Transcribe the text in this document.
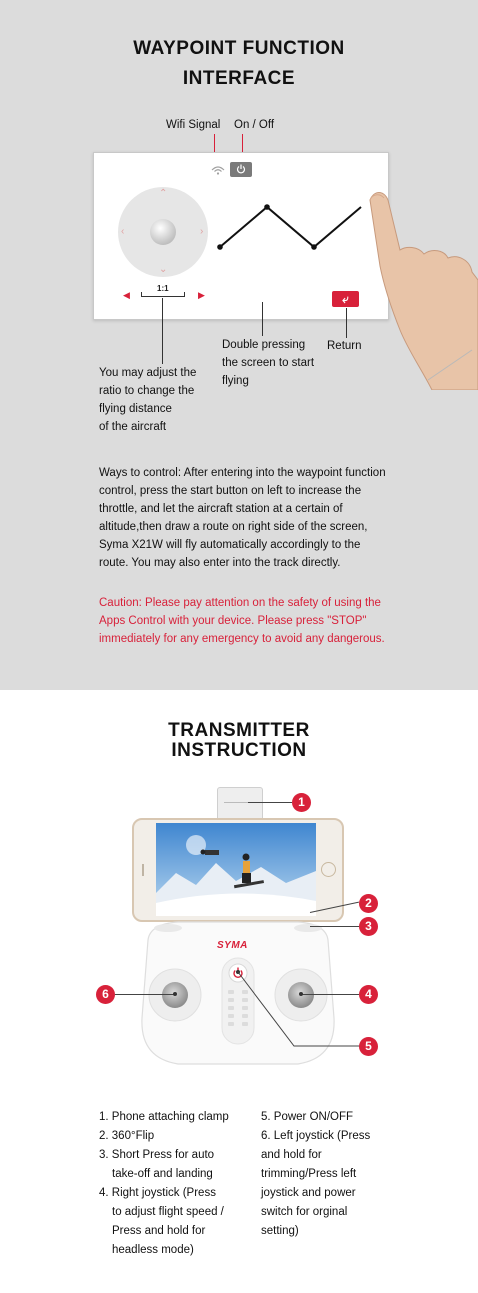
WAYPOINT FUNCTION
INTERFACE
Wifi Signal On / Off
⌃
⌄
‹	›
◀
1:1
▶	⤶
Double pressing
the screen to start
flying
Return
You may adjust the
ratio to change the
flying distance
of the aircraft
Ways to control: After entering into the waypoint function control, press the start button on left to increase the throttle, and let the aircraft station at a certain of altitude,then draw a route on right side of the screen, Syma X21W will fly automatically accordingly to the route. You may also enter into the track directly.
Caution: Please pay attention on the safety of using the Apps Control with your device. Please press "STOP" immediately for any emergency to avoid any dangerous.
TRANSMITTER
INSTRUCTION
SYMA
1
2
3
4
6
5
1. Phone attaching clamp
2. 360°Flip
3. Short Press for auto
take-off and landing
4. Right joystick (Press
to adjust flight speed /
Press and hold for
headless mode)
5. Power ON/OFF
6. Left joystick (Press
and hold for
trimming/Press left
joystick and power
switch for orginal
setting)
